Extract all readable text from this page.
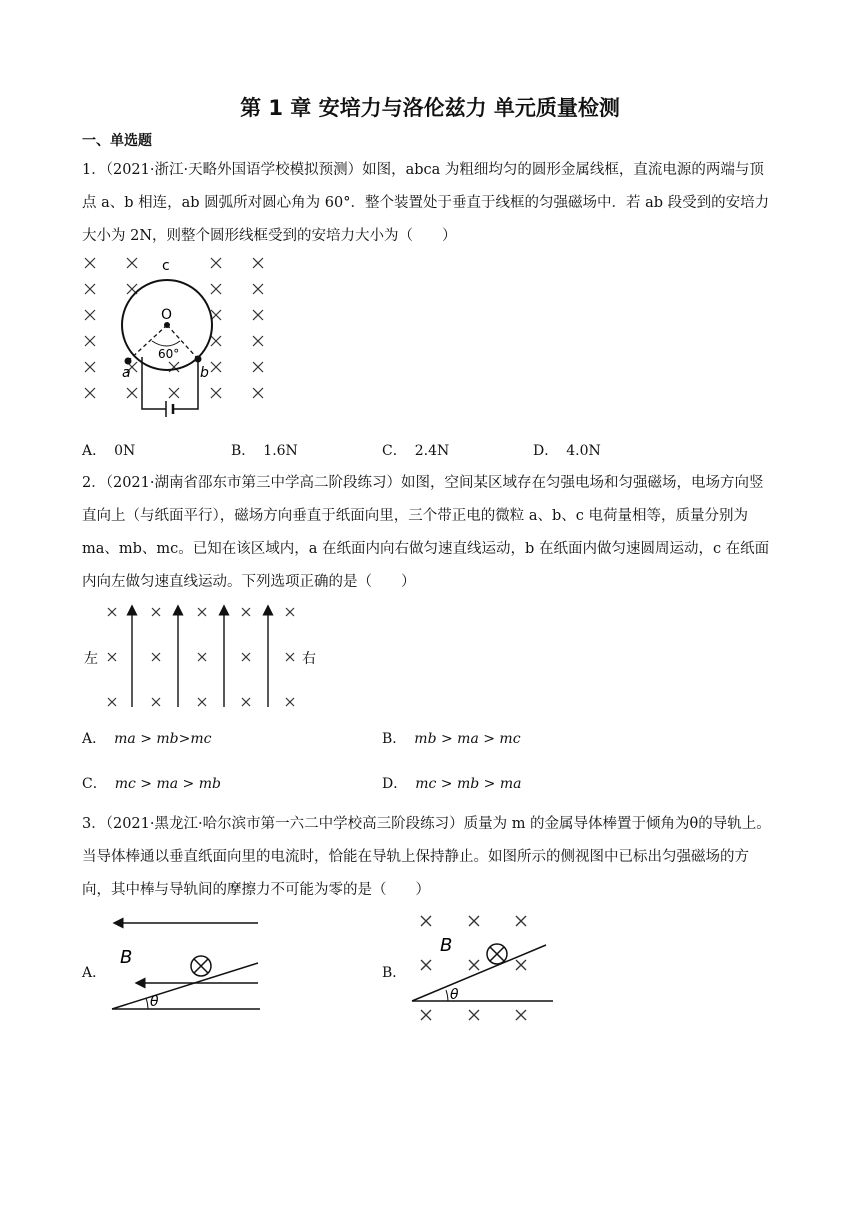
第 1 章 安培力与洛伦兹力 单元质量检测
一、单选题
1．（2021·浙江·天略外国语学校模拟预测）如图，abca 为粗细均匀的圆形金属线框，直流电源的两端与顶
点 a、b 相连，ab 圆弧所对圆心角为 60°．整个装置处于垂直于线框的匀强磁场中．若 ab 段受到的安培力
大小为 2N，则整个圆形线框受到的安培力大小为（　　）
c
O
60°
a	b
A． 0N	B． 1.6N	C． 2.4N	D． 4.0N
2．（2021·湖南省邵东市第三中学高二阶段练习）如图，空间某区域存在匀强电场和匀强磁场，电场方向竖
直向上（与纸面平行），磁场方向垂直于纸面向里，三个带正电的微粒 a、b、c 电荷量相等，质量分别为
ma、mb、mc。已知在该区域内，a 在纸面内向右做匀速直线运动，b 在纸面内做匀速圆周运动，c 在纸面
内向左做匀速直线运动。下列选项正确的是（　　）
左	右
A． ma > mb>mc	B． mb > ma > mc
C． mc > ma > mb	D． mc > mb > ma
3．（2021·黑龙江·哈尔滨市第一六二中学校高三阶段练习）质量为 m 的金属导体棒置于倾角为θ的导轨上。
当导体棒通以垂直纸面向里的电流时，恰能在导轨上保持静止。如图所示的侧视图中已标出匀强磁场的方
向，其中棒与导轨间的摩擦力不可能为零的是（　　）
A．
B
θ
B．
B
θ
